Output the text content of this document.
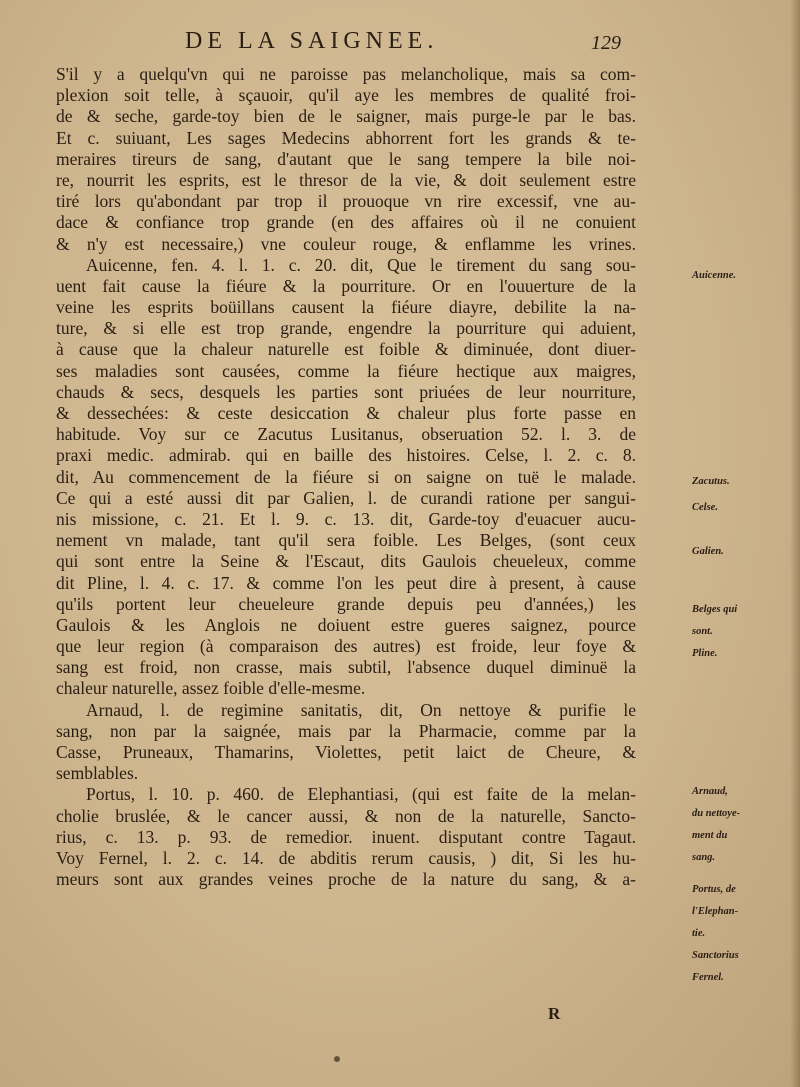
DE LA SAIGNEE.	129
S'il y a quelqu'vn qui ne paroisse pas melancholique, mais sa com-
plexion soit telle, à sçauoir, qu'il aye les membres de qualité froi-
de & seche, garde-toy bien de le saigner, mais purge-le par le bas.
Et c. suiuant, Les sages Medecins abhorrent fort les grands & te-
meraires tireurs de sang, d'autant que le sang tempere la bile noi-
re, nourrit les esprits, est le thresor de la vie, & doit seulement estre
tiré lors qu'abondant par trop il prouoque vn rire excessif, vne au-
dace & confiance trop grande (en des affaires où il ne conuient
& n'y est necessaire,) vne couleur rouge, & enflamme les vrines.
Auicenne, fen. 4. l. 1. c. 20. dit, Que le tirement du sang sou-
uent fait cause la fiéure & la pourriture. Or en l'ouuerture de la
veine les esprits boüillans causent la fiéure diayre, debilite la na-
ture, & si elle est trop grande, engendre la pourriture qui aduient,
à cause que la chaleur naturelle est foible & diminuée, dont diuer-
ses maladies sont causées, comme la fiéure hectique aux maigres,
chauds & secs, desquels les parties sont priuées de leur nourriture,
& dessechées: & ceste desiccation & chaleur plus forte passe en
habitude. Voy sur ce Zacutus Lusitanus, obseruation 52. l. 3. de
praxi medic. admirab. qui en baille des histoires. Celse, l. 2. c. 8.
dit, Au commencement de la fiéure si on saigne on tuë le malade.
Ce qui a esté aussi dit par Galien, l. de curandi ratione per sangui-
nis missione, c. 21. Et l. 9. c. 13. dit, Garde-toy d'euacuer aucu-
nement vn malade, tant qu'il sera foible. Les Belges, (sont ceux
qui sont entre la Seine & l'Escaut, dits Gaulois cheueleux, comme
dit Pline, l. 4. c. 17. & comme l'on les peut dire à present, à cause
qu'ils portent leur cheueleure grande depuis peu d'années,) les
Gaulois & les Anglois ne doiuent estre gueres saignez, pource
que leur region (à comparaison des autres) est froide, leur foye &
sang est froid, non crasse, mais subtil, l'absence duquel diminuë la
chaleur naturelle, assez foible d'elle-mesme.
Arnaud, l. de regimine sanitatis, dit, On nettoye & purifie le
sang, non par la saignée, mais par la Pharmacie, comme par la
Casse, Pruneaux, Thamarins, Violettes, petit laict de Cheure, &
semblables.
Portus, l. 10. p. 460. de Elephantiasi, (qui est faite de la melan-
cholie bruslée, & le cancer aussi, & non de la naturelle, Sancto-
rius, c. 13. p. 93. de remedior. inuent. disputant contre Tagaut.
Voy Fernel, l. 2. c. 14. de abditis rerum causis, ) dit, Si les hu-
meurs sont aux grandes veines proche de la nature du sang, & a-
Auicenne.
Zacutus.
Celse.
Galien.
Belges qui
sont.
Pline.
Arnaud,
du nettoye-
ment du
sang.
Portus, de
l'Elephan-
tie.
Sanctorius
Fernel.
R
